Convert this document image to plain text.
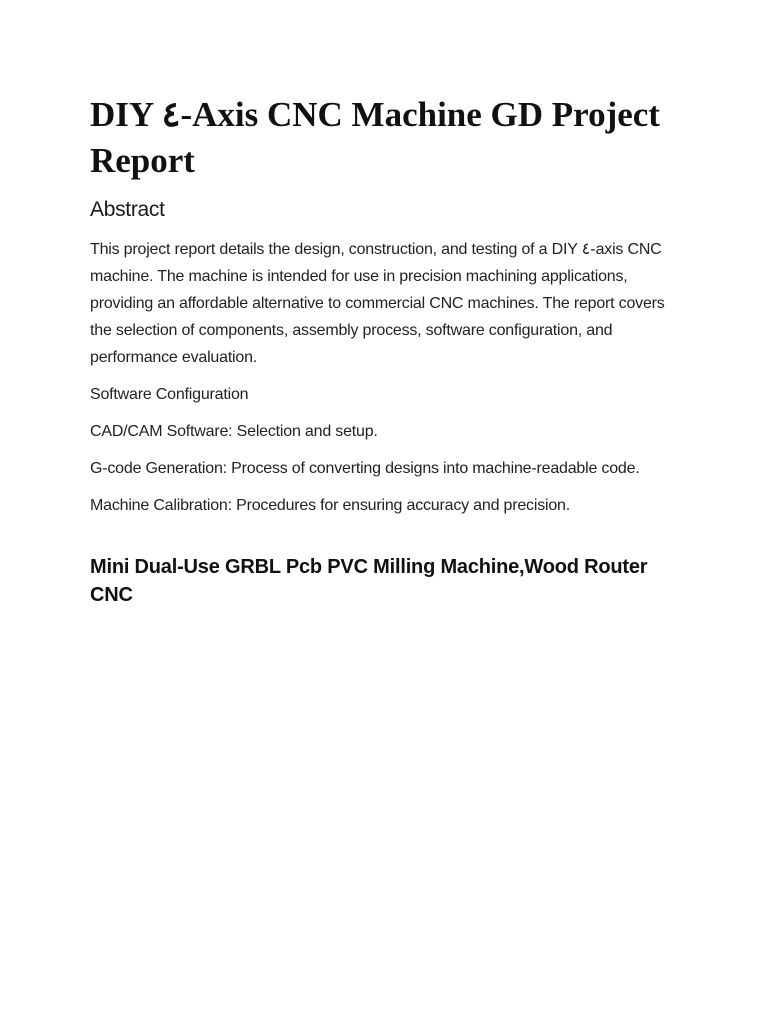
DIY ٤-Axis CNC Machine GD Project Report
Abstract

This project report details the design, construction, and testing of a DIY ٤-axis CNC machine. The machine is intended for use in precision machining applications, providing an affordable alternative to commercial CNC machines. The report covers the selection of components, assembly process, software configuration, and performance evaluation.

Software Configuration

CAD/CAM Software: Selection and setup.

G-code Generation: Process of converting designs into machine-readable code.

Machine Calibration: Procedures for ensuring accuracy and precision.

Mini Dual-Use GRBL Pcb PVC Milling Machine,Wood Router CNC
